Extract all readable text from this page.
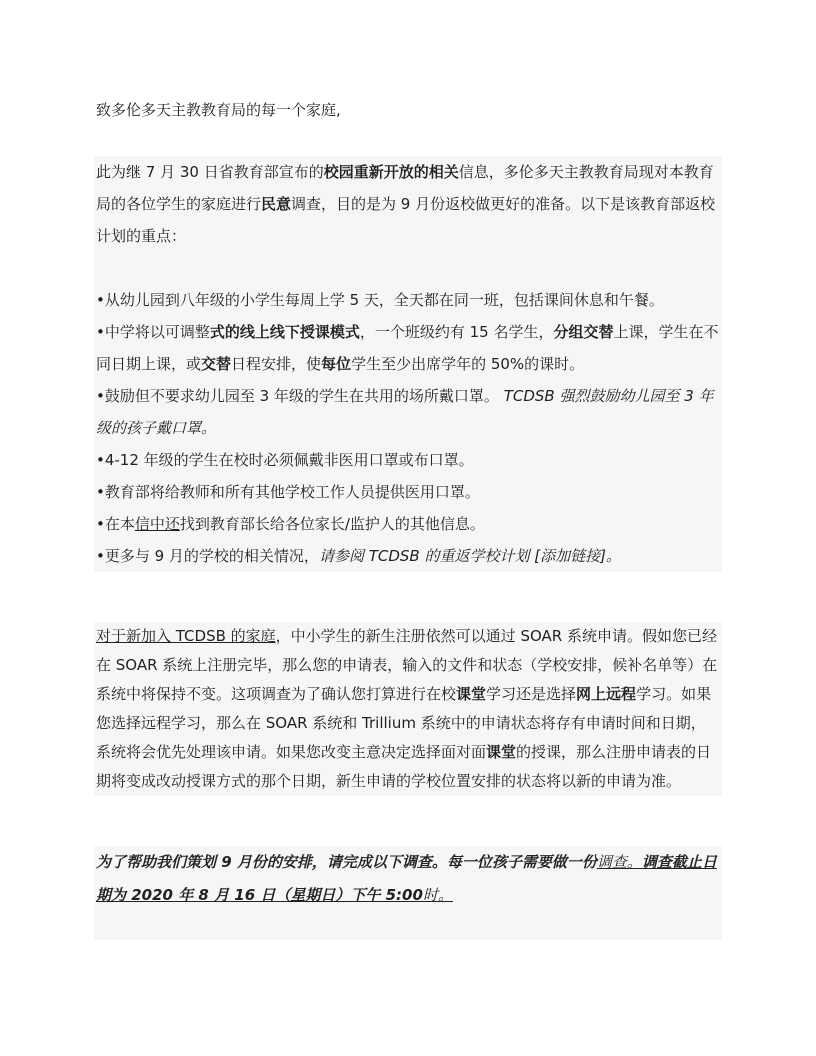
致多伦多天主教教育局的每一个家庭,
此为继 7 月 30 日省教育部宣布的校园重新开放的相关信息，多伦多天主教教育局现对本教育局的各位学生的家庭进行民意调查，目的是为 9 月份返校做更好的准备。以下是该教育部返校计划的重点：
•从幼儿园到八年级的小学生每周上学 5 天，全天都在同一班，包括课间休息和午餐。
•中学将以可调整式的线上线下授课模式，一个班级约有 15 名学生，分组交替上课，学生在不同日期上课，或交替日程安排，使每位学生至少出席学年的 50%的课时。
•鼓励但不要求幼儿园至 3 年级的学生在共用的场所戴口罩。 TCDSB 强烈鼓励幼儿园至 3 年级的孩子戴口罩。
•4-12 年级的学生在校时必须佩戴非医用口罩或布口罩。
•教育部将给教师和所有其他学校工作人员提供医用口罩。
•在本信中还找到教育部长给各位家长/监护人的其他信息。
•更多与 9 月的学校的相关情况，请参阅 TCDSB 的重返学校计划 [添加链接]。
对于新加入 TCDSB 的家庭，中小学生的新生注册依然可以通过 SOAR 系统申请。假如您已经在 SOAR 系统上注册完毕，那么您的申请表，输入的文件和状态（学校安排，候补名单等）在系统中将保持不变。这项调查为了确认您打算进行在校课堂学习还是选择网上远程学习。如果您选择远程学习，那么在 SOAR 系统和 Trillium 系统中的申请状态将存有申请时间和日期，系统将会优先处理该申请。如果您改变主意决定选择面对面课堂的授课，那么注册申请表的日期将变成改动授课方式的那个日期，新生申请的学校位置安排的状态将以新的申请为准。
为了帮助我们策划 9 月份的安排，请完成以下调查。每一位孩子需要做一份调查。调查截止日期为 2020 年 8 月 16 日（星期日）下午 5:00时。
